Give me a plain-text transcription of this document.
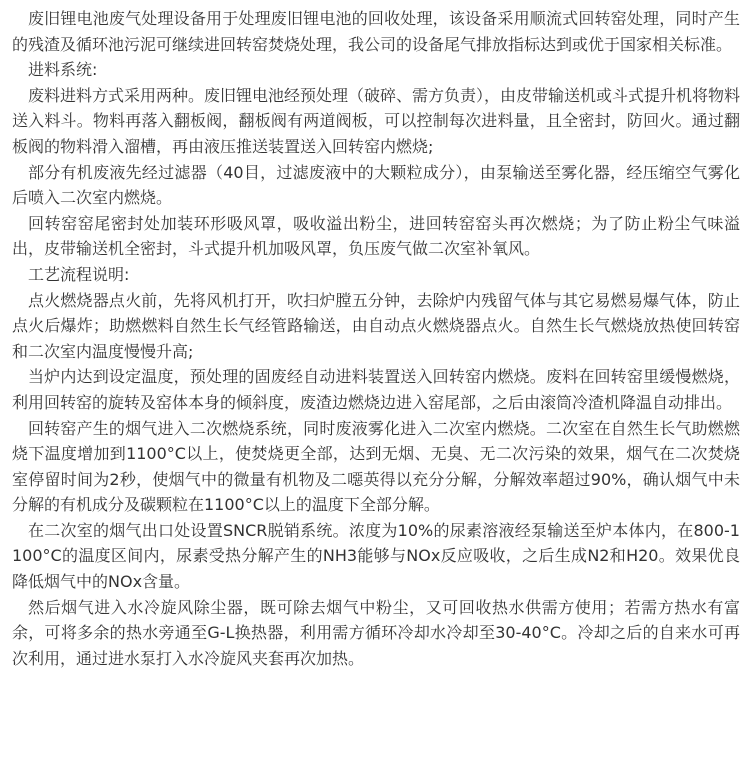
废旧锂电池废气处理设备用于处理废旧锂电池的回收处理，该设备采用顺流式回转窑处理，同时产生的残渣及循环池污泥可继续进回转窑焚烧处理，我公司的设备尾气排放指标达到或优于国家相关标准。

进料系统:

废料进料方式采用两种。废旧锂电池经预处理（破碎、需方负责），由皮带输送机或斗式提升机将物料送入料斗。物料再落入翻板阀，翻板阀有两道阀板，可以控制每次进料量，且全密封，防回火。通过翻板阀的物料滑入溜槽，再由液压推送装置送入回转窑内燃烧;

部分有机废液先经过滤器（40目，过滤废液中的大颗粒成分），由泵输送至雾化器，经压缩空气雾化后喷入二次室内燃烧。

回转窑窑尾密封处加装环形吸风罩，吸收溢出粉尘，进回转窑窑头再次燃烧；为了防止粉尘气味溢出，皮带输送机全密封，斗式提升机加吸风罩，负压废气做二次室补氧风。

工艺流程说明:

点火燃烧器点火前，先将风机打开，吹扫炉膛五分钟，去除炉内残留气体与其它易燃易爆气体，防止点火后爆炸；助燃燃料自然生长气经管路输送，由自动点火燃烧器点火。自然生长气燃烧放热使回转窑和二次室内温度慢慢升高;

当炉内达到设定温度，预处理的固废经自动进料装置送入回转窑内燃烧。废料在回转窑里缓慢燃烧，利用回转窑的旋转及窑体本身的倾斜度，废渣边燃烧边进入窑尾部，之后由滚筒冷渣机降温自动排出。

回转窑产生的烟气进入二次燃烧系统，同时废液雾化进入二次室内燃烧。二次室在自然生长气助燃燃烧下温度增加到1100°C以上，使焚烧更全部，达到无烟、无臭、无二次污染的效果，烟气在二次焚烧室停留时间为2秒，使烟气中的微量有机物及二噁英得以充分分解，分解效率超过90%，确认烟气中未分解的有机成分及碳颗粒在1100°C以上的温度下全部分解。

在二次室的烟气出口处设置SNCR脱销系统。浓度为10%的尿素溶液经泵输送至炉本体内，在800-1100°C的温度区间内，尿素受热分解产生的NH3能够与NOx反应吸收，之后生成N2和H20。效果优良降低烟气中的NOx含量。

然后烟气进入水冷旋风除尘器，既可除去烟气中粉尘，又可回收热水供需方使用；若需方热水有富余，可将多余的热水旁通至G-L换热器，利用需方循环冷却水冷却至30-40°C。冷却之后的自来水可再次利用，通过进水泵打入水冷旋风夹套再次加热。
